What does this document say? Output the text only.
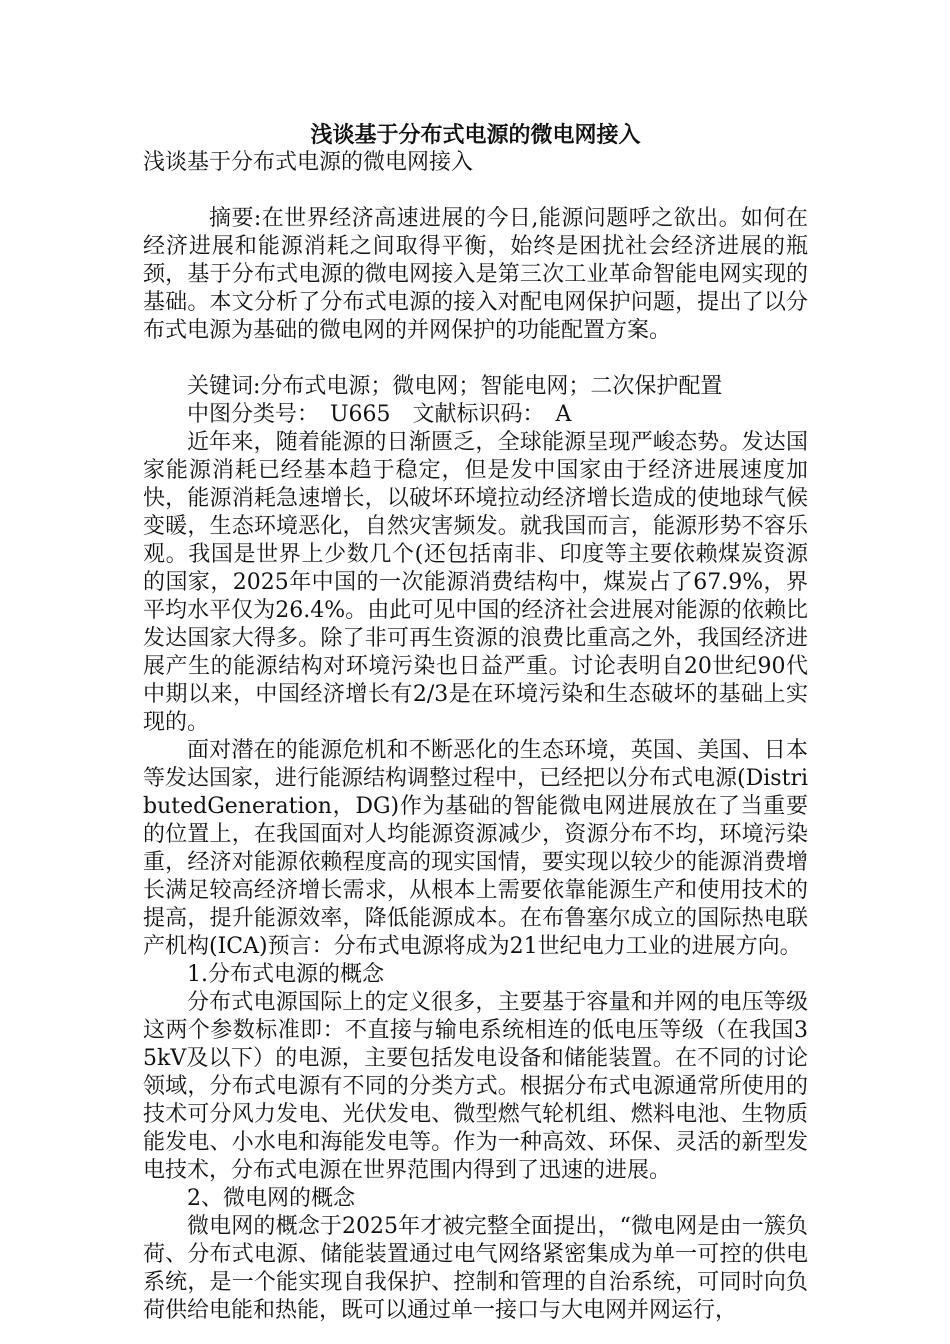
浅谈基于分布式电源的微电网接入
浅谈基于分布式电源的微电网接入

摘要:在世界经济高速进展的今日,能源问题呼之欲出。如何在经济进展和能源消耗之间取得平衡，始终是困扰社会经济进展的瓶颈，基于分布式电源的微电网接入是第三次工业革命智能电网实现的基础。本文分析了分布式电源的接入对配电网保护问题，提出了以分布式电源为基础的微电网的并网保护的功能配置方案。

关键词:分布式电源；微电网；智能电网；二次保护配置

中图分类号：　U665　文献标识码：　A

近年来，随着能源的日渐匮乏，全球能源呈现严峻态势。发达国家能源消耗已经基本趋于稳定，但是发中国家由于经济进展速度加快，能源消耗急速增长，以破坏环境拉动经济增长造成的使地球气候变暖，生态环境恶化，自然灾害频发。就我国而言，能源形势不容乐观。我国是世界上少数几个(还包括南非、印度等主要依赖煤炭资源的国家，2025年中国的一次能源消费结构中，煤炭占了67.9%，界平均水平仅为26.4%。由此可见中国的经济社会进展对能源的依赖比发达国家大得多。除了非可再生资源的浪费比重高之外，我国经济进展产生的能源结构对环境污染也日益严重。讨论表明自20世纪90代中期以来，中国经济增长有2/3是在环境污染和生态破坏的基础上实现的。

面对潜在的能源危机和不断恶化的生态环境，英国、美国、日本等发达国家，进行能源结构调整过程中，已经把以分布式电源(DistributedGeneration，DG)作为基础的智能微电网进展放在了当重要的位置上，在我国面对人均能源资源减少，资源分布不均，环境污染重，经济对能源依赖程度高的现实国情，要实现以较少的能源消费增长满足较高经济增长需求，从根本上需要依靠能源生产和使用技术的提高，提升能源效率，降低能源成本。在布鲁塞尔成立的国际热电联产机构(ICA)预言：分布式电源将成为21世纪电力工业的进展方向。

1.分布式电源的概念

分布式电源国际上的定义很多，主要基于容量和并网的电压等级这两个参数标准即：不直接与输电系统相连的低电压等级（在我国35kV及以下）的电源，主要包括发电设备和储能装置。在不同的讨论领域，分布式电源有不同的分类方式。根据分布式电源通常所使用的技术可分风力发电、光伏发电、微型燃气轮机组、燃料电池、生物质能发电、小水电和海能发电等。作为一种高效、环保、灵活的新型发电技术，分布式电源在世界范围内得到了迅速的进展。

2、微电网的概念

微电网的概念于2025年才被完整全面提出，“微电网是由一簇负荷、分布式电源、储能装置通过电气网络紧密集成为单一可控的供电系统，是一个能实现自我保护、控制和管理的自治系统，可同时向负荷供给电能和热能，既可以通过单一接口与大电网并网运行，
